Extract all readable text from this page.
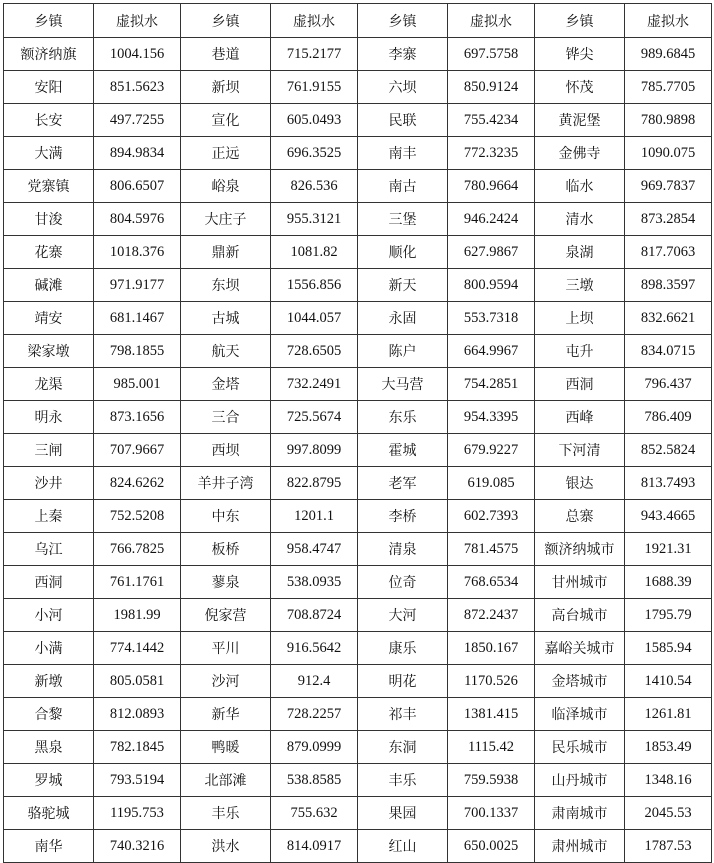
乡镇	虚拟水	乡镇	虚拟水	乡镇	虚拟水	乡镇	虚拟水
额济纳旗	1004.156	巷道	715.2177	李寨	697.5758	铧尖	989.6845
安阳	851.5623	新坝	761.9155	六坝	850.9124	怀茂	785.7705
长安	497.7255	宣化	605.0493	民联	755.4234	黄泥堡	780.9898
大满	894.9834	正远	696.3525	南丰	772.3235	金佛寺	1090.075
党寨镇	806.6507	峪泉	826.536	南古	780.9664	临水	969.7837
甘浚	804.5976	大庄子	955.3121	三堡	946.2424	清水	873.2854
花寨	1018.376	鼎新	1081.82	顺化	627.9867	泉湖	817.7063
碱滩	971.9177	东坝	1556.856	新天	800.9594	三墩	898.3597
靖安	681.1467	古城	1044.057	永固	553.7318	上坝	832.6621
梁家墩	798.1855	航天	728.6505	陈户	664.9967	屯升	834.0715
龙渠	985.001	金塔	732.2491	大马营	754.2851	西洞	796.437
明永	873.1656	三合	725.5674	东乐	954.3395	西峰	786.409
三闸	707.9667	西坝	997.8099	霍城	679.9227	下河清	852.5824
沙井	824.6262	羊井子湾	822.8795	老军	619.085	银达	813.7493
上秦	752.5208	中东	1201.1	李桥	602.7393	总寨	943.4665
乌江	766.7825	板桥	958.4747	清泉	781.4575	额济纳城市	1921.31
西洞	761.1761	蓼泉	538.0935	位奇	768.6534	甘州城市	1688.39
小河	1981.99	倪家营	708.8724	大河	872.2437	高台城市	1795.79
小满	774.1442	平川	916.5642	康乐	1850.167	嘉峪关城市	1585.94
新墩	805.0581	沙河	912.4	明花	1170.526	金塔城市	1410.54
合黎	812.0893	新华	728.2257	祁丰	1381.415	临泽城市	1261.81
黑泉	782.1845	鸭暖	879.0999	东洞	1115.42	民乐城市	1853.49
罗城	793.5194	北部滩	538.8585	丰乐	759.5938	山丹城市	1348.16
骆驼城	1195.753	丰乐	755.632	果园	700.1337	肃南城市	2045.53
南华	740.3216	洪水	814.0917	红山	650.0025	肃州城市	1787.53
